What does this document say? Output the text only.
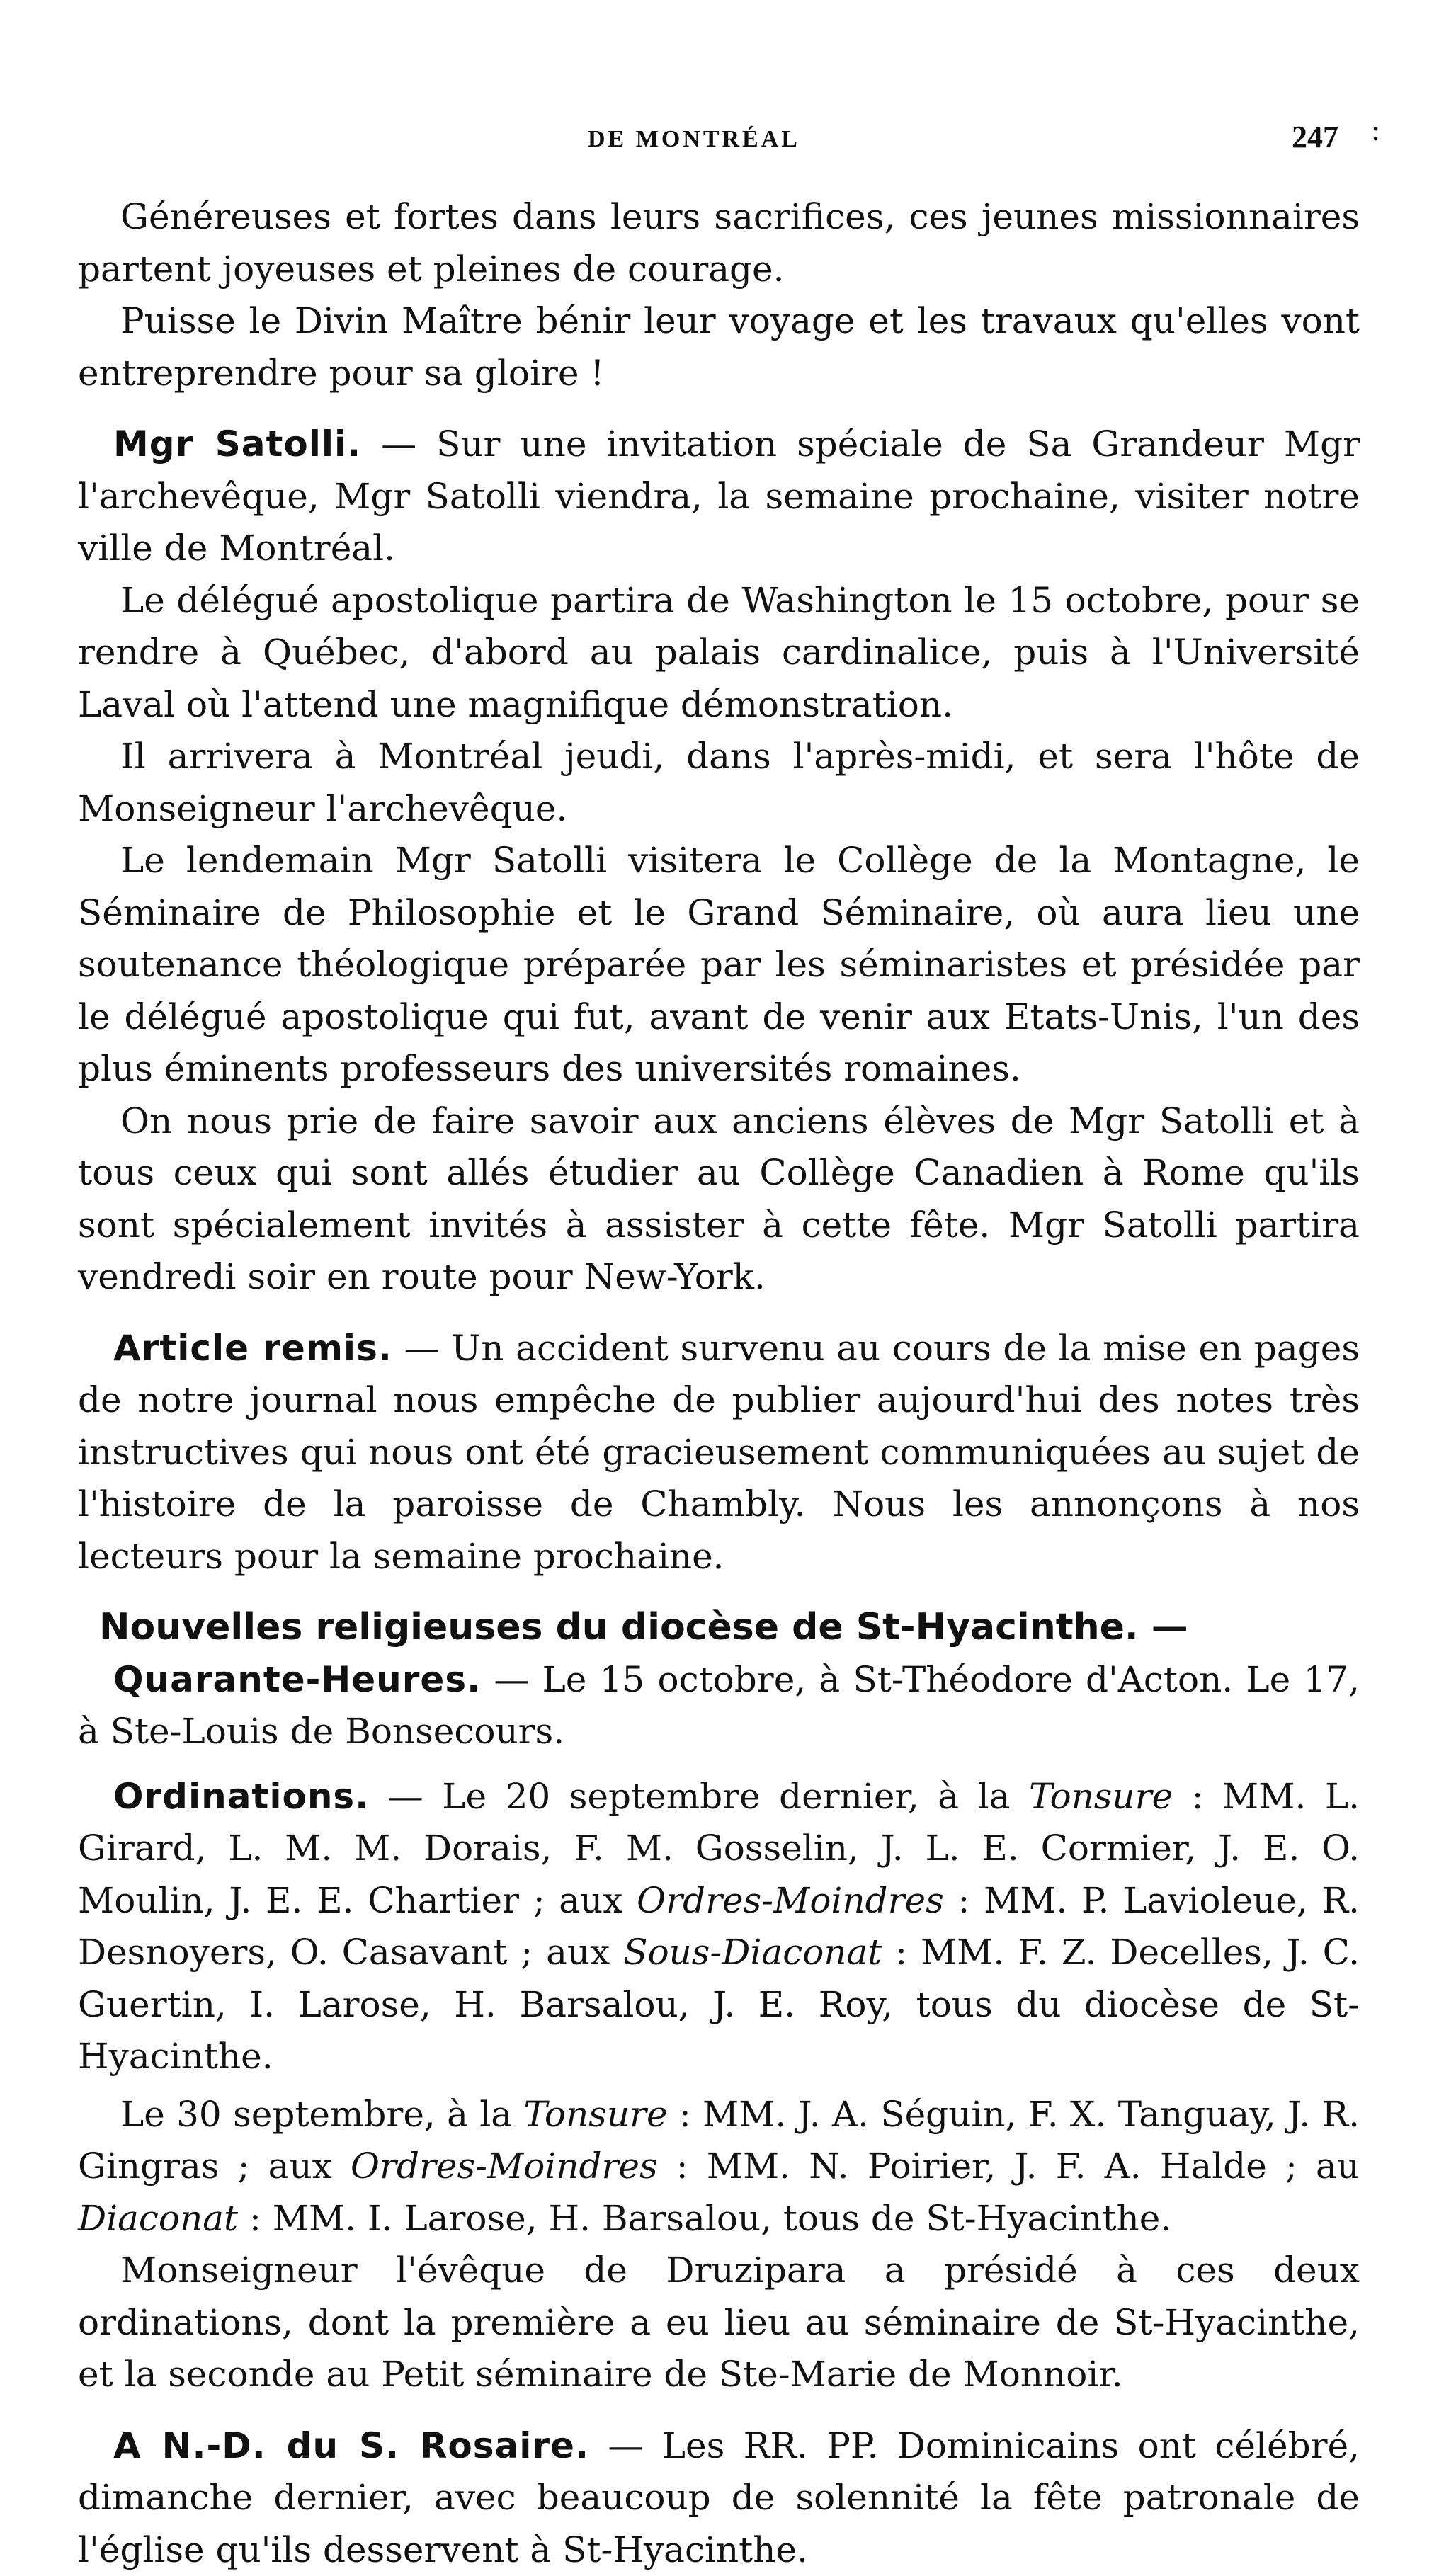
DE MONTRÉAL	247 :

Généreuses et fortes dans leurs sacrifices, ces jeunes missionnaires partent joyeuses et pleines de courage.

Puisse le Divin Maître bénir leur voyage et les travaux qu'elles vont entreprendre pour sa gloire !

Mgr Satolli. — Sur une invitation spéciale de Sa Grandeur Mgr l'archevêque, Mgr Satolli viendra, la semaine prochaine, visiter notre ville de Montréal.

Le délégué apostolique partira de Washington le 15 octobre, pour se rendre à Québec, d'abord au palais cardinalice, puis à l'Université Laval où l'attend une magnifique démonstration.

Il arrivera à Montréal jeudi, dans l'après-midi, et sera l'hôte de Monseigneur l'archevêque.

Le lendemain Mgr Satolli visitera le Collège de la Montagne, le Séminaire de Philosophie et le Grand Séminaire, où aura lieu une soutenance théologique préparée par les séminaristes et présidée par le délégué apostolique qui fut, avant de venir aux Etats-Unis, l'un des plus éminents professeurs des universités romaines.

On nous prie de faire savoir aux anciens élèves de Mgr Satolli et à tous ceux qui sont allés étudier au Collège Canadien à Rome qu'ils sont spécialement invités à assister à cette fête. Mgr Satolli partira vendredi soir en route pour New-York.

Article remis. — Un accident survenu au cours de la mise en pages de notre journal nous empêche de publier aujourd'hui des notes très instructives qui nous ont été gracieusement communiquées au sujet de l'histoire de la paroisse de Chambly. Nous les annonçons à nos lecteurs pour la semaine prochaine.

Nouvelles religieuses du diocèse de St-Hyacinthe. —

Quarante-Heures. — Le 15 octobre, à St-Théodore d'Acton. Le 17, à Ste-Louis de Bonsecours.

Ordinations. — Le 20 septembre dernier, à la Tonsure : MM. L. Girard, L. M. M. Dorais, F. M. Gosselin, J. L. E. Cormier, J. E. O. Moulin, J. E. E. Chartier ; aux Ordres-Moindres : MM. P. Lavioleue, R. Desnoyers, O. Casavant ; aux Sous-Diaconat : MM. F. Z. Decelles, J. C. Guertin, I. Larose, H. Barsalou, J. E. Roy, tous du diocèse de St-Hyacinthe.

Le 30 septembre, à la Tonsure : MM. J. A. Séguin, F. X. Tanguay, J. R. Gingras ; aux Ordres-Moindres : MM. N. Poirier, J. F. A. Halde ; au Diaconat : MM. I. Larose, H. Barsalou, tous de St-Hyacinthe.

Monseigneur l'évêque de Druzipara a présidé à ces deux ordinations, dont la première a eu lieu au séminaire de St-Hyacinthe, et la seconde au Petit séminaire de Ste-Marie de Monnoir.

A N.-D. du S. Rosaire. — Les RR. PP. Dominicains ont célébré, dimanche dernier, avec beaucoup de solennité la fête patronale de l'église qu'ils desservent à St-Hyacinthe.
